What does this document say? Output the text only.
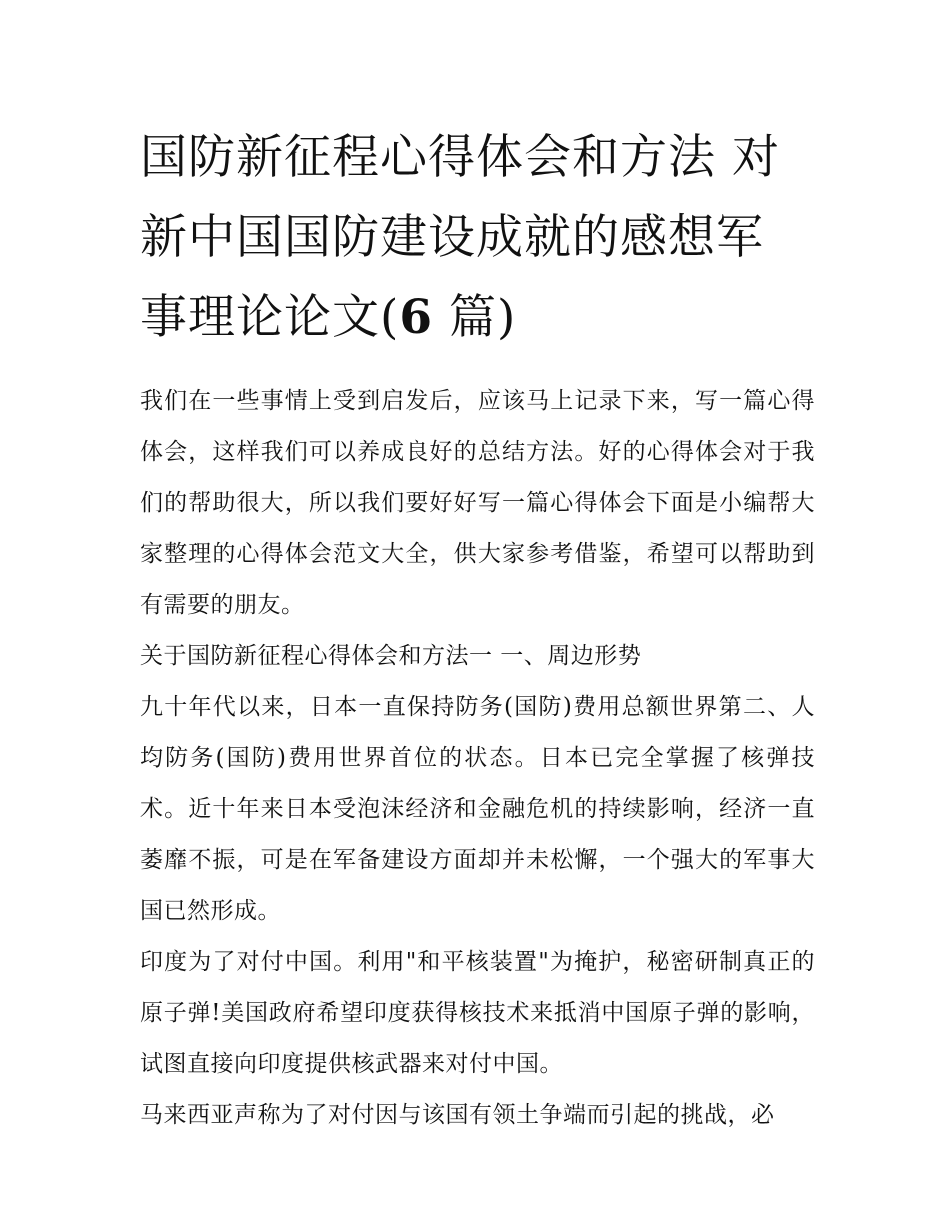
国防新征程心得体会和方法 对
新中国国防建设成就的感想军
事理论论文(6 篇)

我们在一些事情上受到启发后，应该马上记录下来，写一篇心得体会，这样我们可以养成良好的总结方法。好的心得体会对于我们的帮助很大，所以我们要好好写一篇心得体会下面是小编帮大家整理的心得体会范文大全，供大家参考借鉴，希望可以帮助到有需要的朋友。

关于国防新征程心得体会和方法一 一、周边形势

九十年代以来，日本一直保持防务(国防)费用总额世界第二、人均防务(国防)费用世界首位的状态。日本已完全掌握了核弹技术。近十年来日本受泡沫经济和金融危机的持续影响，经济一直萎靡不振，可是在军备建设方面却并未松懈，一个强大的军事大国已然形成。

印度为了对付中国。利用"和平核装置"为掩护，秘密研制真正的原子弹!美国政府希望印度获得核技术来抵消中国原子弹的影响，试图直接向印度提供核武器来对付中国。

马来西亚声称为了对付因与该国有领土争端而引起的挑战，必
